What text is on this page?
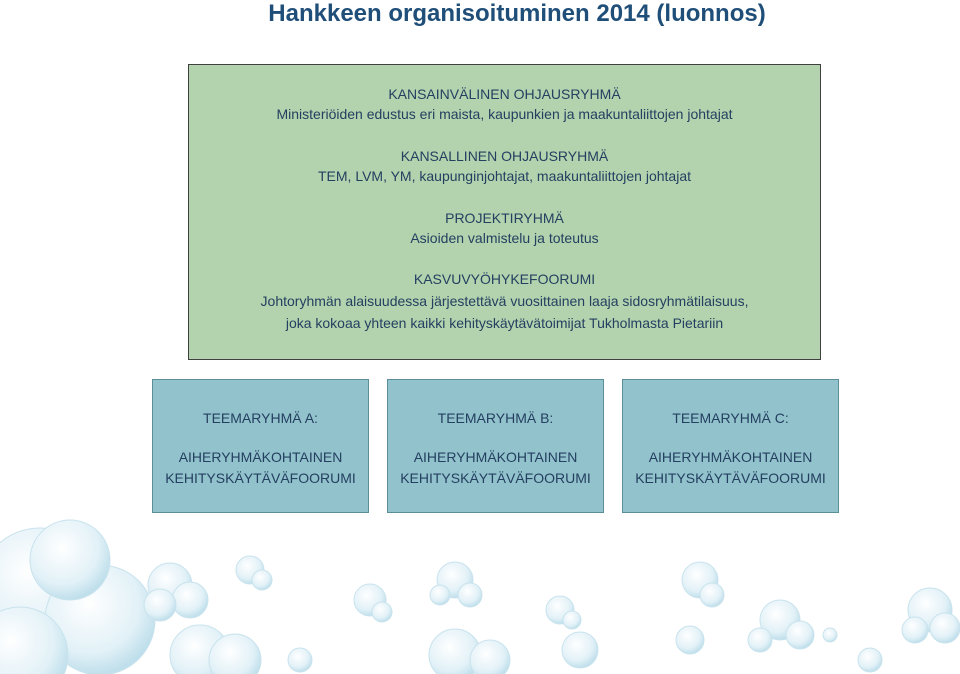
Hankkeen organisoituminen 2014 (luonnos)
KANSAINVÄLINEN OHJAUSRYHMÄ
Ministeriöiden edustus eri maista, kaupunkien ja maakuntaliittojen johtajat
KANSALLINEN OHJAUSRYHMÄ
TEM, LVM, YM, kaupunginjohtajat, maakuntaliittojen johtajat
PROJEKTIRYHMÄ
Asioiden valmistelu ja toteutus
KASVUVYÖHYKEFOORUMI
Johtoryhmän alaisuudessa järjestettävä vuosittainen laaja sidosryhmätilaisuus,
joka kokoaa yhteen kaikki kehityskäytävätoimijat Tukholmasta Pietariin
TEEMARYHMÄ A:
AIHERYHMÄKOHTAINEN
KEHITYSKÄYTÄVÄFOORUMI
TEEMARYHMÄ B:
AIHERYHMÄKOHTAINEN
KEHITYSKÄYTÄVÄFOORUMI
TEEMARYHMÄ C:
AIHERYHMÄKOHTAINEN
KEHITYSKÄYTÄVÄFOORUMI
